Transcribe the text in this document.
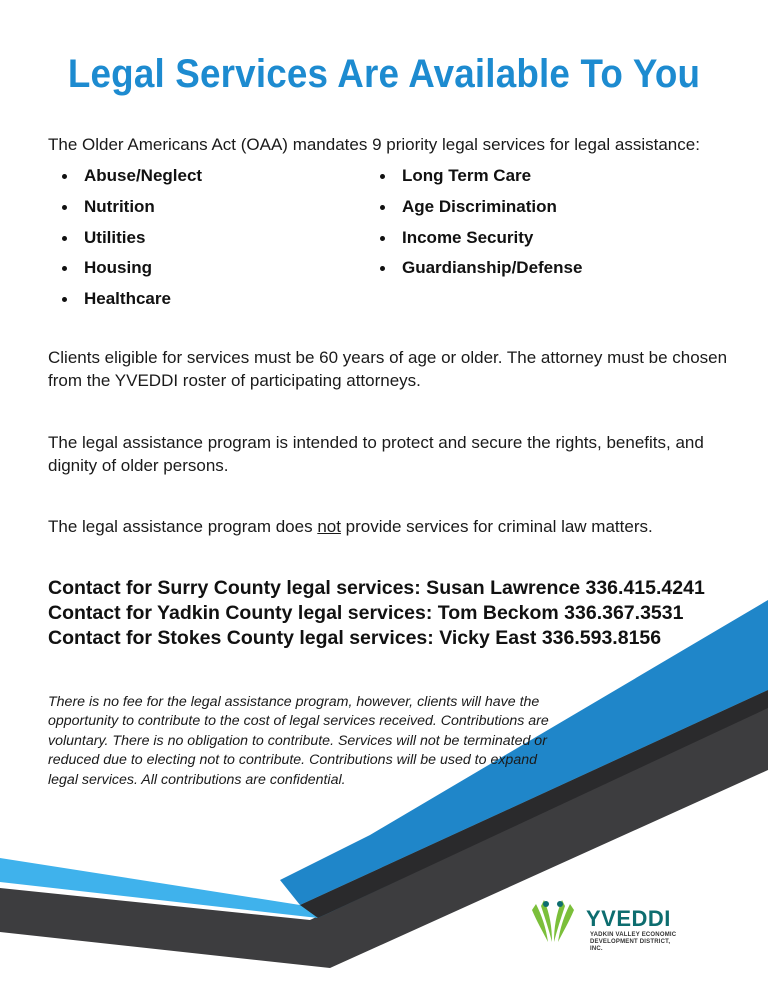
Legal Services Are Available To You
The Older Americans Act (OAA) mandates 9 priority legal services for legal assistance:
Abuse/Neglect
Nutrition
Utilities
Housing
Healthcare
Long Term Care
Age Discrimination
Income Security
Guardianship/Defense
Clients eligible for services must be 60 years of age or older. The attorney must be chosen from the YVEDDI roster of participating attorneys.
The legal assistance program is intended to protect and secure the rights, benefits, and dignity of older persons.
The legal assistance program does not provide services for criminal law matters.
Contact for Surry County legal services: Susan Lawrence 336.415.4241
Contact for Yadkin County legal services: Tom Beckom 336.367.3531
Contact for Stokes County legal services: Vicky East 336.593.8156
There is no fee for the legal assistance program, however, clients will have the opportunity to contribute to the cost of legal services received. Contributions are voluntary. There is no obligation to contribute. Services will not be terminated or reduced due to electing not to contribute. Contributions will be used to expand legal services. All contributions are confidential.
YVEDDI
YADKIN VALLEY ECONOMIC DEVELOPMENT DISTRICT, INC.
